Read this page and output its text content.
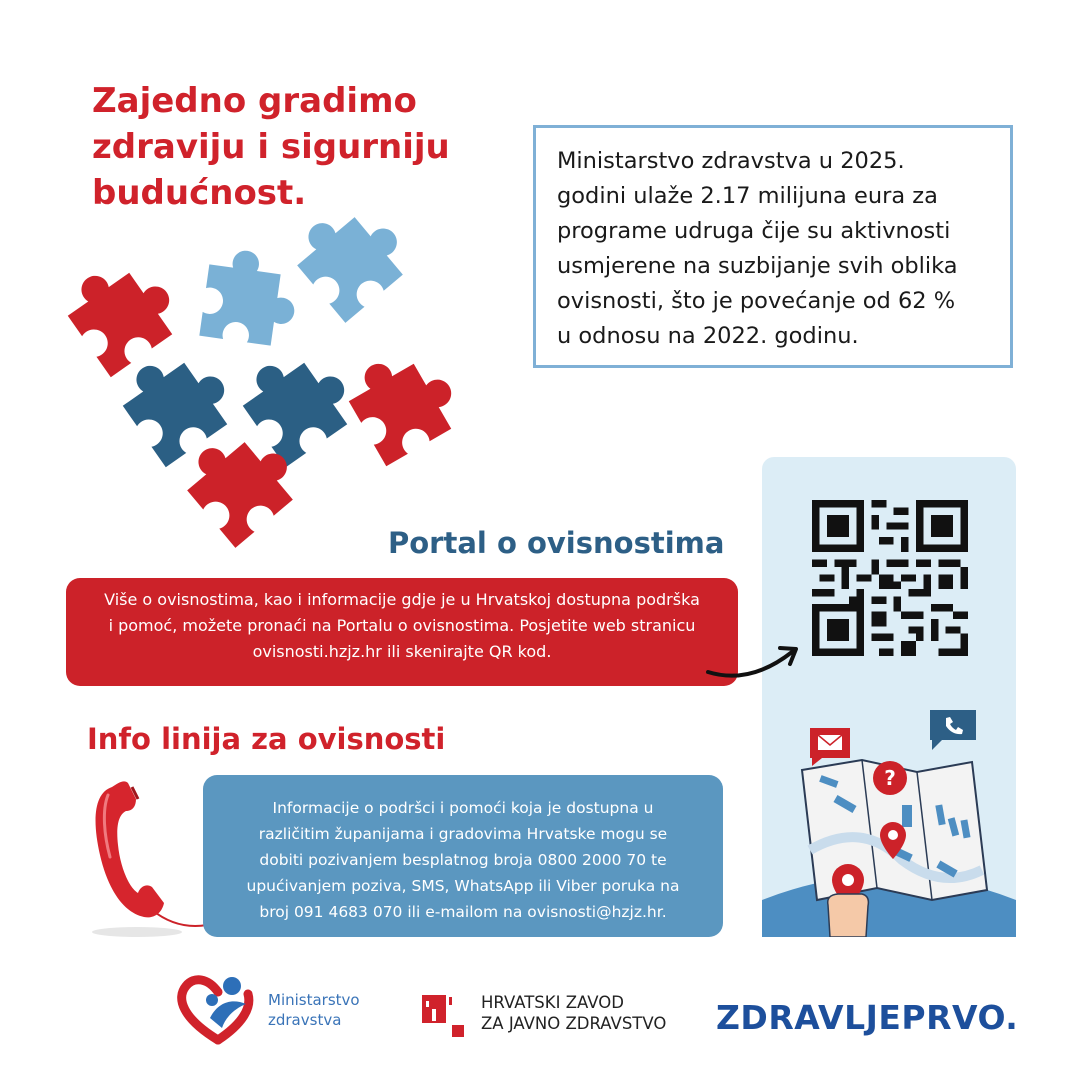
Zajedno gradimo
zdraviju i sigurniju
budućnost.
Ministarstvo zdravstva u 2025.
godini ulaže 2.17 milijuna eura za
programe udruga čije su aktivnosti
usmjerene na suzbijanje svih oblika
ovisnosti, što je povećanje od 62 %
u odnosu na 2022. godinu.
Portal o ovisnostima
Više o ovisnostima, kao i informacije gdje je u Hrvatskoj dostupna podrška
i pomoć, možete pronaći na Portalu o ovisnostima. Posjetite web stranicu
ovisnosti.hzjz.hr ili skenirajte QR kod.
Info linija za ovisnosti
Informacije o podršci i pomoći koja je dostupna u
različitim županijama i gradovima Hrvatske mogu se
dobiti pozivanjem besplatnog broja 0800 2000 70 te
upućivanjem poziva, SMS, WhatsApp ili Viber poruka na
broj 091 4683 070 ili e-mailom na ovisnosti@hzjz.hr.
?
Ministarstvo
zdravstva
HRVATSKI ZAVOD
ZA JAVNO ZDRAVSTVO ZDRAVLJEPRVO.
